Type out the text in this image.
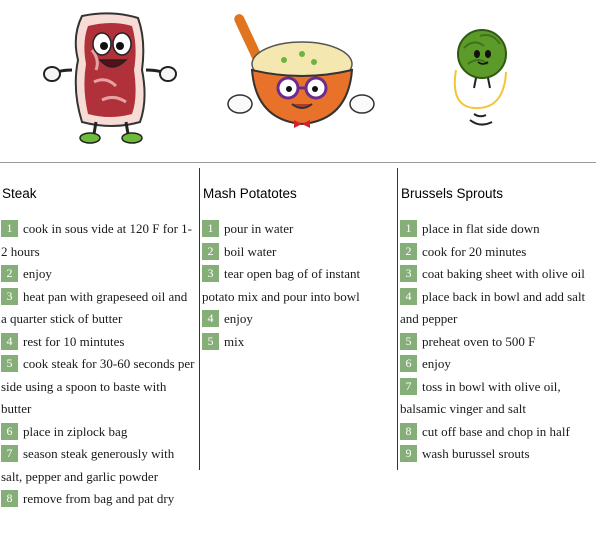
Steak
1 cook in sous vide at 120 F for 1-2 hours
2 enjoy
3 heat pan with grapeseed oil and a quarter stick of butter
4 rest for 10 mintutes
5 cook steak for 30-60 seconds per side using a spoon to baste with butter
6 place in ziplock bag
7 season steak generously with salt, pepper and garlic powder
8 remove from bag and pat dry
Mash Potatotes
1 pour in water
2 boil water
3 tear open bag of of instant potato mix and pour into bowl
4 enjoy
5 mix
Brussels Sprouts
1 place in flat side down
2 cook for 20 minutes
3 coat baking sheet with olive oil
4 place back in bowl and add salt and pepper
5 preheat oven to 500 F
6 enjoy
7 toss in bowl with olive oil, balsamic vinger and salt
8 cut off base and chop in half
9 wash burussel srouts
